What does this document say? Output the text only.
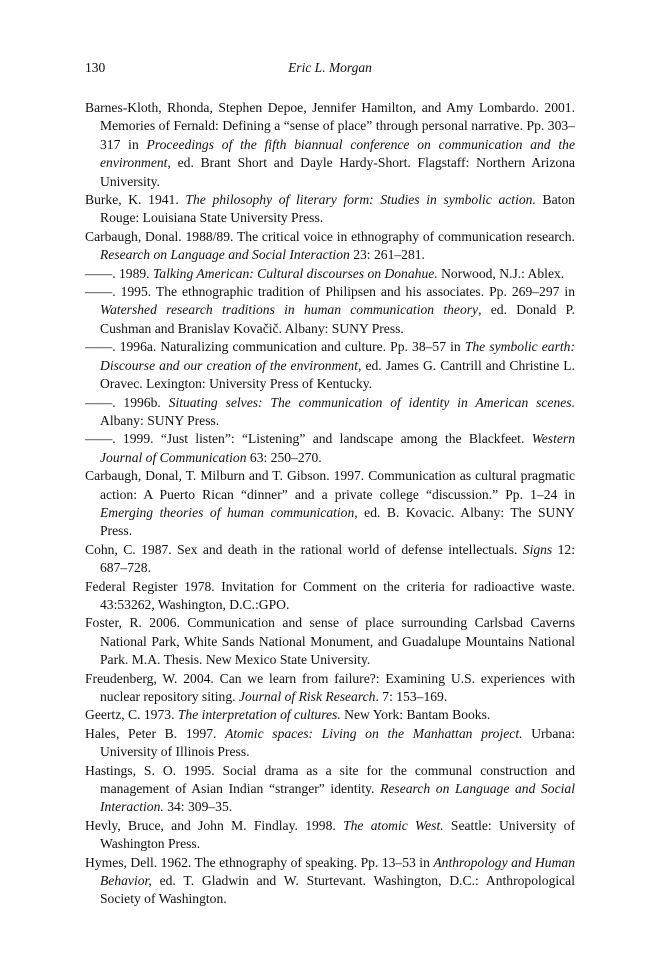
130	Eric L. Morgan
Barnes-Kloth, Rhonda, Stephen Depoe, Jennifer Hamilton, and Amy Lombardo. 2001. Memories of Fernald: Defining a “sense of place” through personal narrative. Pp. 303–317 in Proceedings of the fifth biannual conference on communication and the environment, ed. Brant Short and Dayle Hardy-Short. Flagstaff: Northern Arizona University.
Burke, K. 1941. The philosophy of literary form: Studies in symbolic action. Baton Rouge: Louisiana State University Press.
Carbaugh, Donal. 1988/89. The critical voice in ethnography of communication research. Research on Language and Social Interaction 23: 261–281.
——. 1989. Talking American: Cultural discourses on Donahue. Norwood, N.J.: Ablex.
——. 1995. The ethnographic tradition of Philipsen and his associates. Pp. 269–297 in Watershed research traditions in human communication theory, ed. Donald P. Cushman and Branislav Kovačič. Albany: SUNY Press.
——. 1996a. Naturalizing communication and culture. Pp. 38–57 in The symbolic earth: Discourse and our creation of the environment, ed. James G. Cantrill and Christine L. Oravec. Lexington: University Press of Kentucky.
——. 1996b. Situating selves: The communication of identity in American scenes. Albany: SUNY Press.
——. 1999. “Just listen”: “Listening” and landscape among the Blackfeet. Western Journal of Communication 63: 250–270.
Carbaugh, Donal, T. Milburn and T. Gibson. 1997. Communication as cultural pragmatic action: A Puerto Rican “dinner” and a private college “discussion.” Pp. 1–24 in Emerging theories of human communication, ed. B. Kovacic. Albany: The SUNY Press.
Cohn, C. 1987. Sex and death in the rational world of defense intellectuals. Signs 12: 687–728.
Federal Register 1978. Invitation for Comment on the criteria for radioactive waste. 43:53262, Washington, D.C.:GPO.
Foster, R. 2006. Communication and sense of place surrounding Carlsbad Caverns National Park, White Sands National Monument, and Guadalupe Mountains National Park. M.A. Thesis. New Mexico State University.
Freudenberg, W. 2004. Can we learn from failure?: Examining U.S. experiences with nuclear repository siting. Journal of Risk Research. 7: 153–169.
Geertz, C. 1973. The interpretation of cultures. New York: Bantam Books.
Hales, Peter B. 1997. Atomic spaces: Living on the Manhattan project. Urbana: University of Illinois Press.
Hastings, S. O. 1995. Social drama as a site for the communal construction and management of Asian Indian “stranger” identity. Research on Language and Social Interaction. 34: 309–35.
Hevly, Bruce, and John M. Findlay. 1998. The atomic West. Seattle: University of Washington Press.
Hymes, Dell. 1962. The ethnography of speaking. Pp. 13–53 in Anthropology and Human Behavior, ed. T. Gladwin and W. Sturtevant. Washington, D.C.: Anthropological Society of Washington.
